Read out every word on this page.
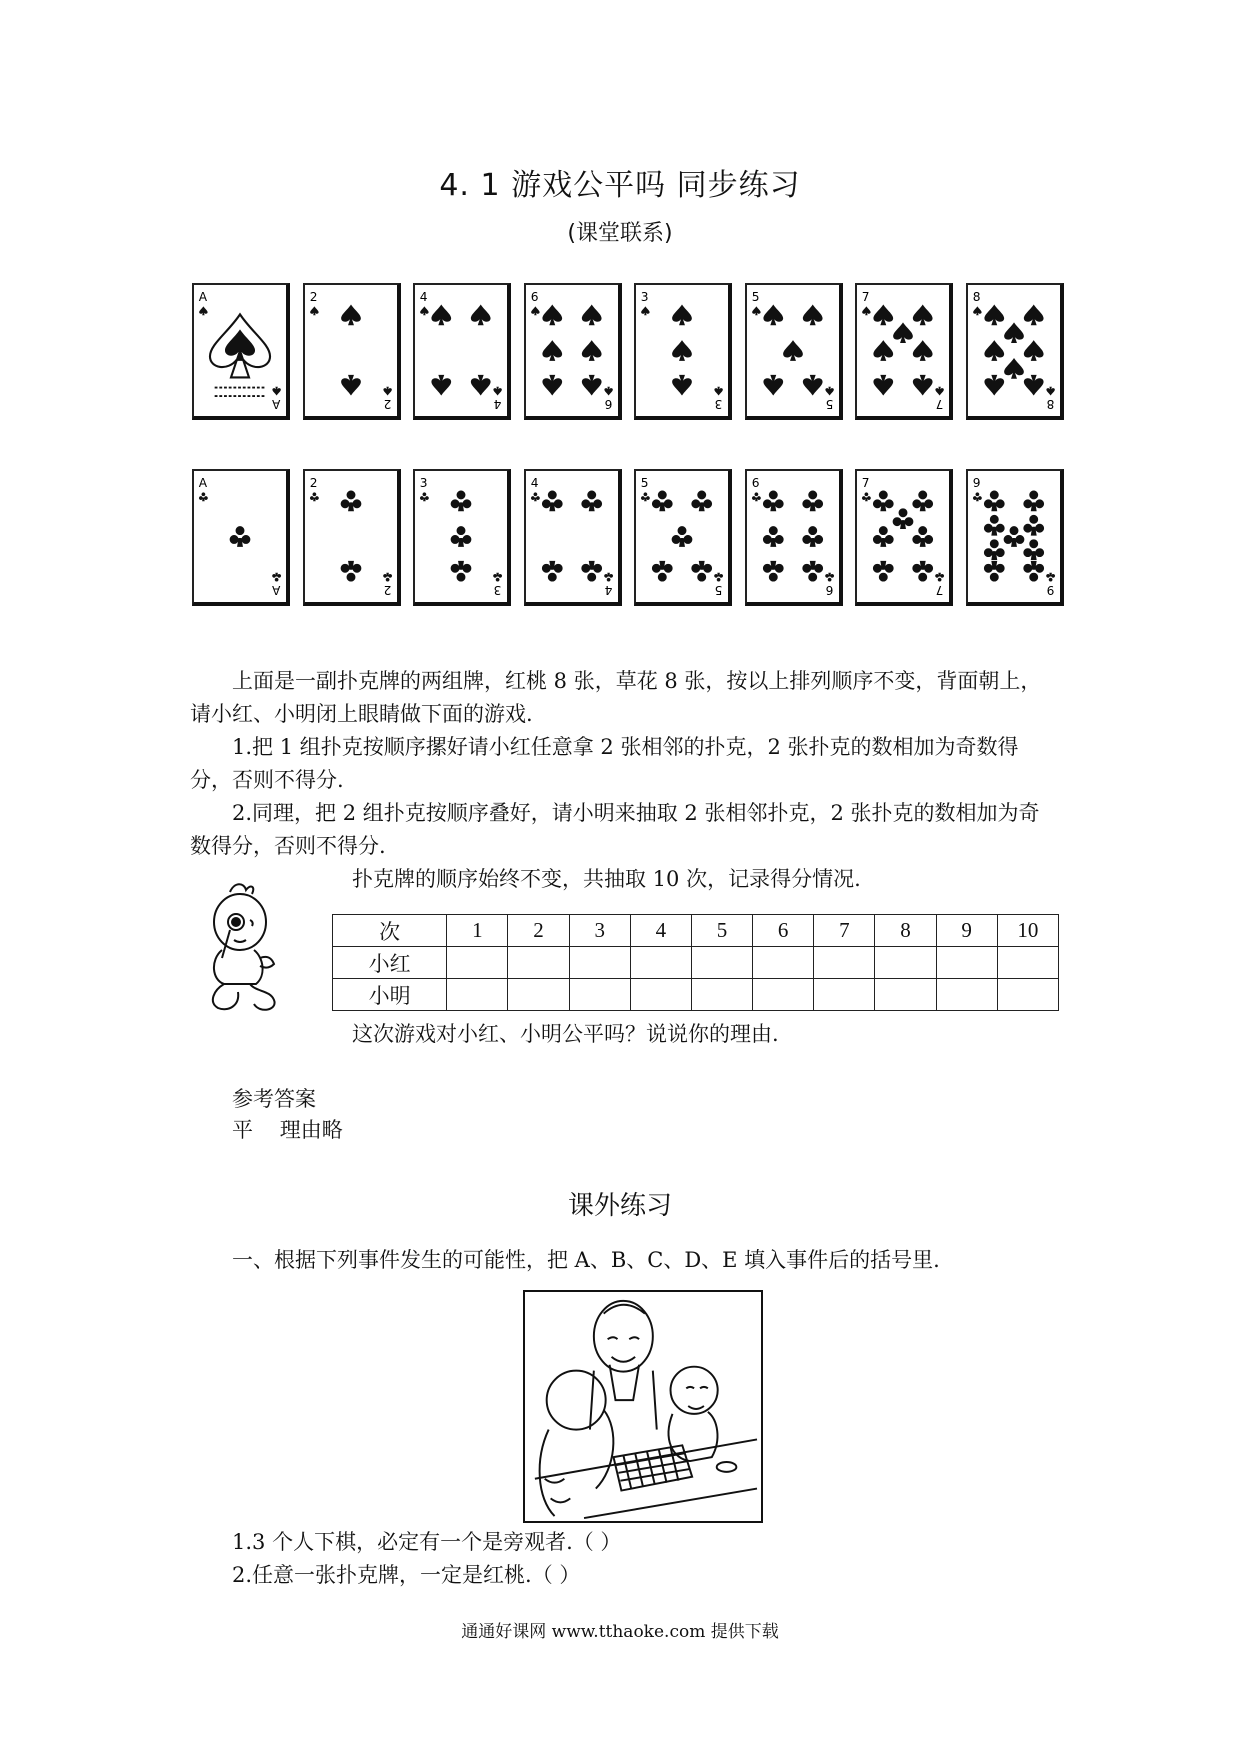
4. 1 游戏公平吗 同步练习
(课堂联系)
A
A
2
2
4
4
6
6
3
3
5
5
7
7
8
8
A
A
2
2
3
3
4
4
5
5
6
6
7
7
9
9
上面是一副扑克牌的两组牌，红桃 8 张，草花 8 张，按以上排列顺序不变，背面朝上，请小红、小明闭上眼睛做下面的游戏.
1.把 1 组扑克按顺序摞好请小红任意拿 2 张相邻的扑克，2 张扑克的数相加为奇数得分，否则不得分.
2.同理，把 2 组扑克按顺序叠好，请小明来抽取 2 张相邻扑克，2 张扑克的数相加为奇数得分，否则不得分.
扑克牌的顺序始终不变，共抽取 10 次，记录得分情况.
次	1	2	3	4	5	6	7	8	9	10
小红										
小明										
这次游戏对小红、小明公平吗？说说你的理由.
参考答案
平    理由略
课外练习
一、根据下列事件发生的可能性，把 A、B、C、D、E 填入事件后的括号里.
1.3 个人下棋，必定有一个是旁观者.（ ）
2.任意一张扑克牌，一定是红桃.（ ）
通通好课网 www.tthaoke.com 提供下载
